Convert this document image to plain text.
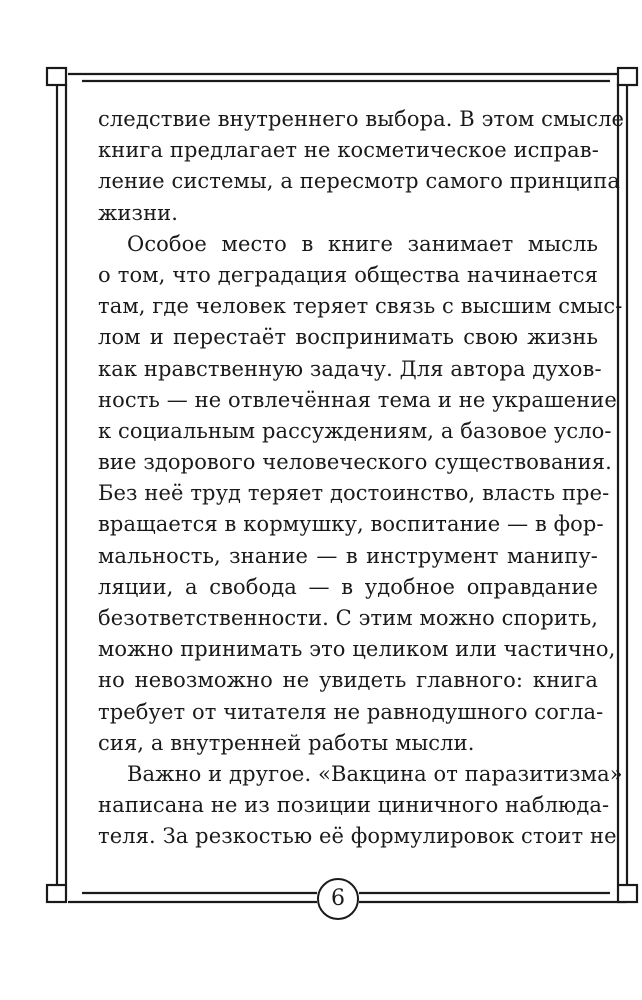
следствие внутреннего выбора. В этом смысле
книга предлагает не косметическое исправ-
ление системы, а пересмотр самого принципа
жизни.
Особое место в книге занимает мысль
о том, что деградация общества начинается
там, где человек теряет связь с высшим смыс-
лом и перестаёт воспринимать свою жизнь
как нравственную задачу. Для автора духов-
ность — не отвлечённая тема и не украшение
к социальным рассуждениям, а базовое усло-
вие здорового человеческого существования.
Без неё труд теряет достоинство, власть пре-
вращается в кормушку, воспитание — в фор-
мальность, знание — в инструмент манипу-
ляции, а свобода — в удобное оправдание
безответственности. С этим можно спорить,
можно принимать это целиком или частично,
но невозможно не увидеть главного: книга
требует от читателя не равнодушного согла-
сия, а внутренней работы мысли.
Важно и другое. «Вакцина от паразитизма»
написана не из позиции циничного наблюда-
теля. За резкостью её формулировок стоит не
6
